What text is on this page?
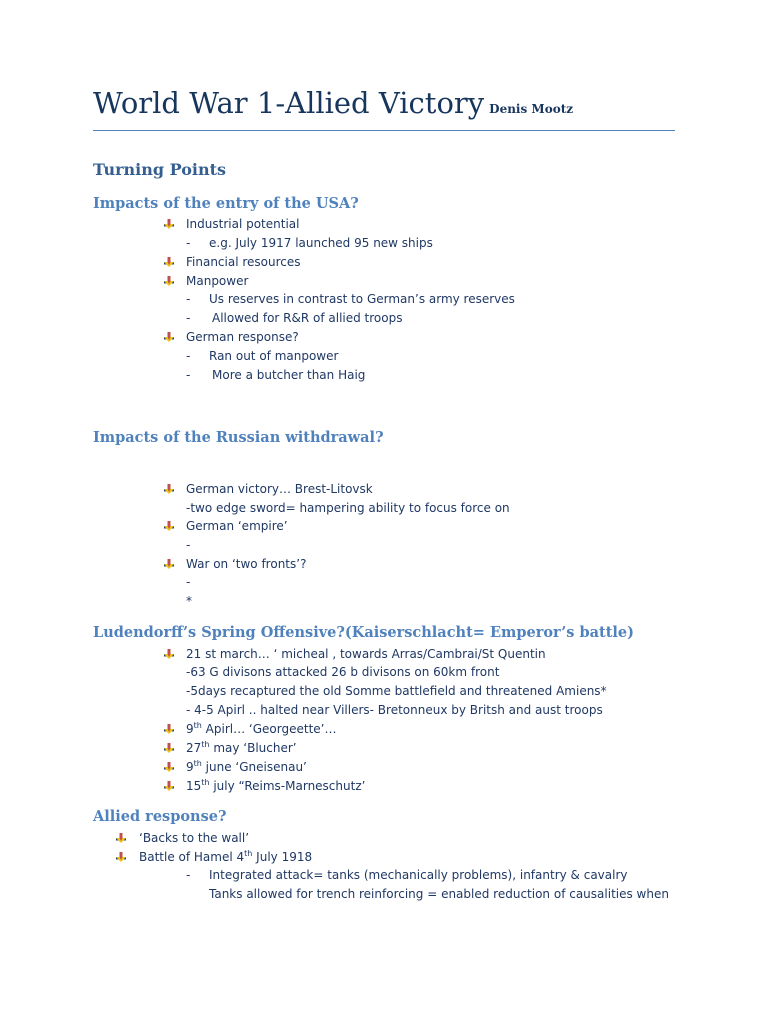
World War 1-Allied Victory Denis Mootz
Turning Points
Impacts of the entry of the USA?
Industrial potential
- e.g. July 1917 launched 95 new ships
Financial resources
Manpower
- Us reserves in contrast to German’s army reserves
- Allowed for R&R of allied troops
German response?
- Ran out of manpower
- More a butcher than Haig
Impacts of the Russian withdrawal?
German victory… Brest-Litovsk
-two edge sword= hampering ability to focus force on
German ‘empire’
-
War on ‘two fronts’?
-
*
Ludendorff’s Spring Offensive?(Kaiserschlacht= Emperor’s battle)
21 st march… ‘ micheal , towards Arras/Cambrai/St Quentin
-63 G divisons attacked 26 b divisons on 60km front
-5days recaptured the old Somme battlefield and threatened Amiens*
- 4-5 Apirl .. halted near Villers- Bretonneux by Britsh and aust troops
9th Apirl… ‘Georgeette’…
27th may ‘Blucher’
9th june ‘Gneisenau’
15th july “Reims-Marneschutz’
Allied response?
‘Backs to the wall’
Battle of Hamel 4th July 1918
- Integrated attack= tanks (mechanically problems), infantry & cavalry
Tanks allowed for trench reinforcing = enabled reduction of causalities when
